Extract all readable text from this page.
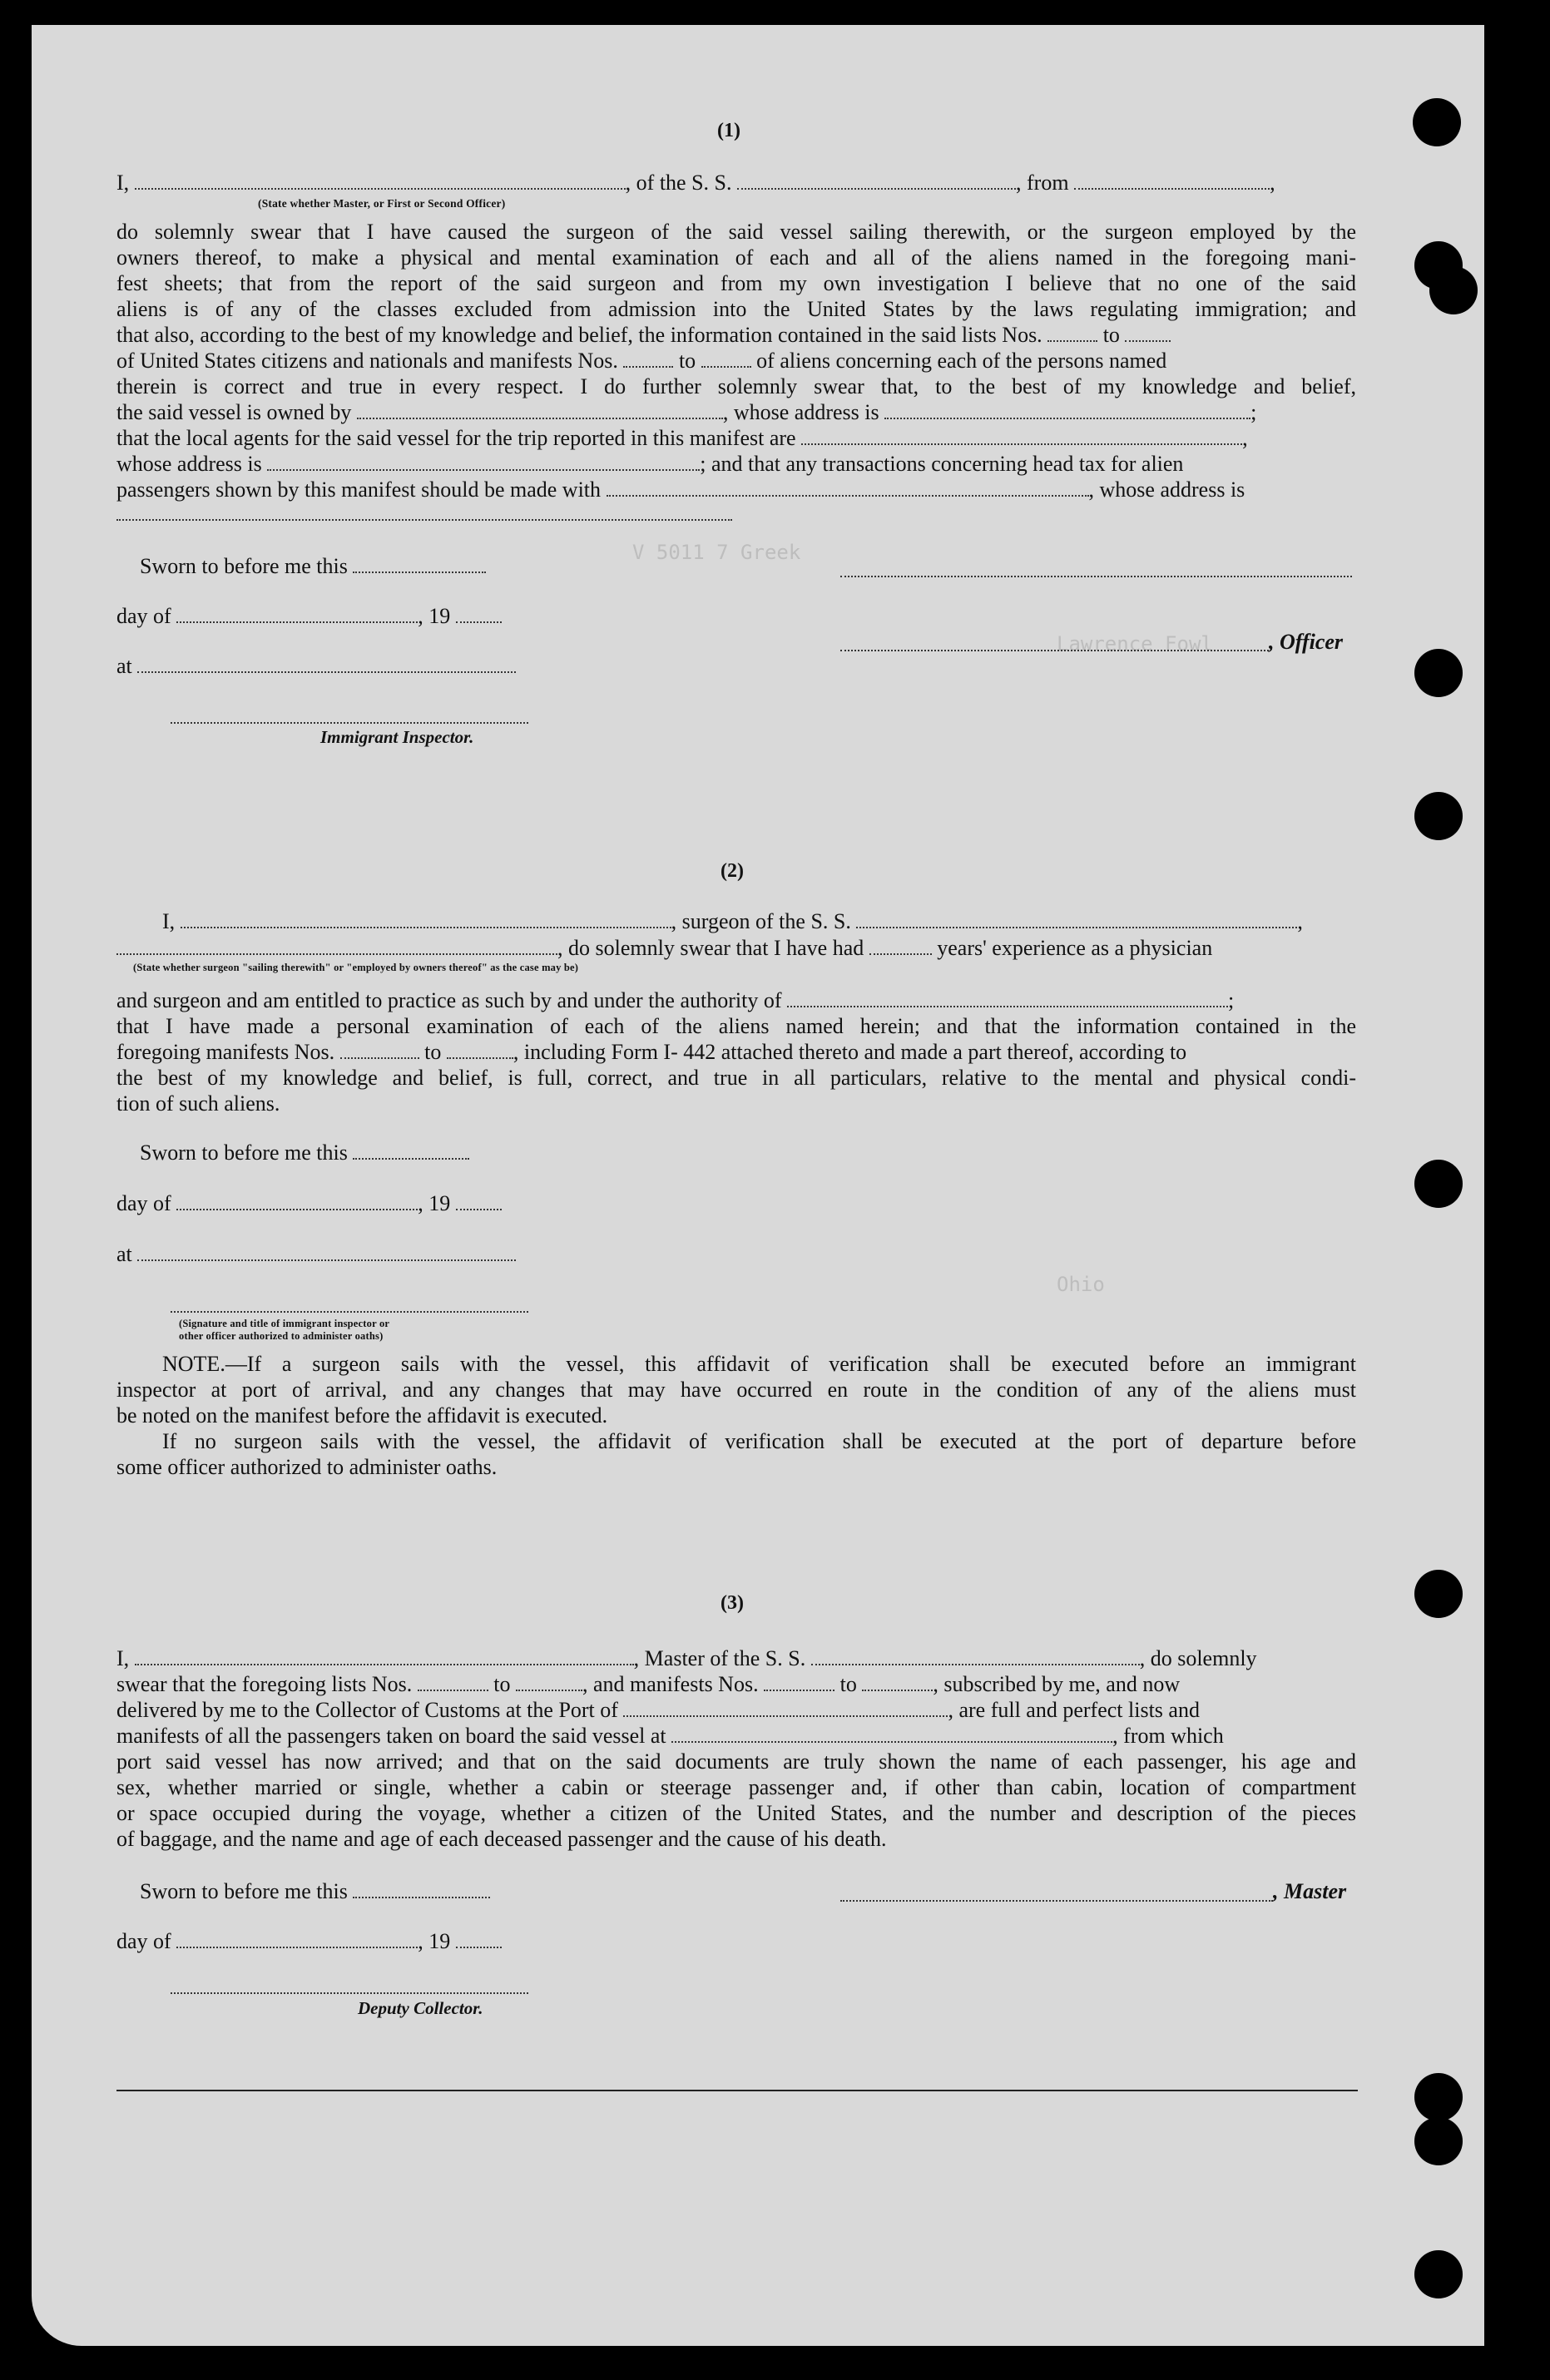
V 5011 7 Greek
Lawrence Fowl
Ohio
(1)
I,	, of the S. S.	, from	,
(State whether Master, or First or Second Officer)
do solemnly swear that I have caused the surgeon of the said vessel sailing therewith, or the surgeon employed by the
owners thereof, to make a physical and mental examination of each and all of the aliens named in the foregoing mani-
fest sheets; that from the report of the said surgeon and from my own investigation I believe that no one of the said
aliens is of any of the classes excluded from admission into the United States by the laws regulating immigration; and
that also, according to the best of my knowledge and belief, the information contained in the said lists Nos.	to
of United States citizens and nationals and manifests Nos.	to	of aliens concerning each of the persons named
therein is correct and true in every respect. I do further solemnly swear that, to the best of my knowledge and belief,
the said vessel is owned by	, whose address is	;
that the local agents for the said vessel for the trip reported in this manifest are	,
whose address is	; and that any transactions concerning head tax for alien
passengers shown by this manifest should be made with	, whose address is
Sworn to before me this
day of	, 19
, Officer
at
Immigrant Inspector.
(2)
I,	, surgeon of the S. S.	,
, do solemnly swear that I have had	years' experience as a physician
(State whether surgeon "sailing therewith" or "employed by owners thereof" as the case may be)
and surgeon and am entitled to practice as such by and under the authority of	;
that I have made a personal examination of each of the aliens named herein; and that the information contained in the
foregoing manifests Nos.	to	, including Form I- 442 attached thereto and made a part thereof, according to
the best of my knowledge and belief, is full, correct, and true in all particulars, relative to the mental and physical condi-
tion of such aliens.
Sworn to before me this
day of	, 19
at
(Signature and title of immigrant inspector or
other officer authorized to administer oaths)
NOTE.—If a surgeon sails with the vessel, this affidavit of verification shall be executed before an immigrant
inspector at port of arrival, and any changes that may have occurred en route in the condition of any of the aliens must
be noted on the manifest before the affidavit is executed.
If no surgeon sails with the vessel, the affidavit of verification shall be executed at the port of departure before
some officer authorized to administer oaths.
(3)
I,	, Master of the S. S.	, do solemnly
swear that the foregoing lists Nos.	to	, and manifests Nos.	to	, subscribed by me, and now
delivered by me to the Collector of Customs at the Port of	, are full and perfect lists and
manifests of all the passengers taken on board the said vessel at	, from which
port said vessel has now arrived; and that on the said documents are truly shown the name of each passenger, his age and
sex, whether married or single, whether a cabin or steerage passenger and, if other than cabin, location of compartment
or space occupied during the voyage, whether a citizen of the United States, and the number and description of the pieces
of baggage, and the name and age of each deceased passenger and the cause of his death.
Sworn to before me this	, Master
day of	, 19
Deputy Collector.
